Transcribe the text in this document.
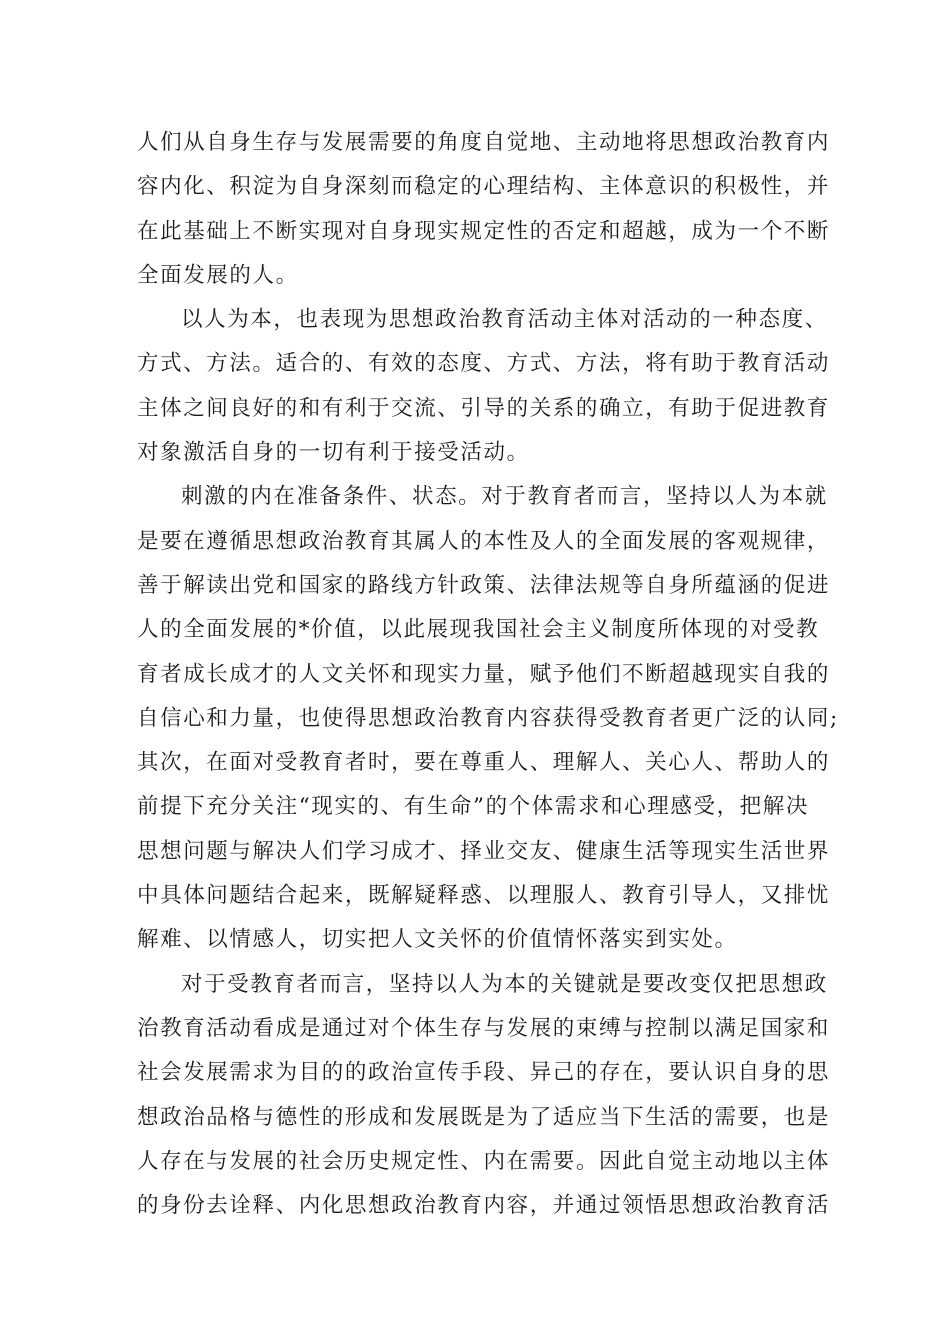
人们从自身生存与发展需要的角度自觉地、主动地将思想政治教育内
容内化、积淀为自身深刻而稳定的心理结构、主体意识的积极性，并
在此基础上不断实现对自身现实规定性的否定和超越，成为一个不断
全面发展的人。
以人为本，也表现为思想政治教育活动主体对活动的一种态度、
方式、方法。适合的、有效的态度、方式、方法，将有助于教育活动
主体之间良好的和有利于交流、引导的关系的确立，有助于促进教育
对象激活自身的一切有利于接受活动。
刺激的内在准备条件、状态。对于教育者而言，坚持以人为本就
是要在遵循思想政治教育其属人的本性及人的全面发展的客观规律，
善于解读出党和国家的路线方针政策、法律法规等自身所蕴涵的促进
人的全面发展的*价值，以此展现我国社会主义制度所体现的对受教
育者成长成才的人文关怀和现实力量，赋予他们不断超越现实自我的
自信心和力量，也使得思想政治教育内容获得受教育者更广泛的认同;
其次，在面对受教育者时，要在尊重人、理解人、关心人、帮助人的
前提下充分关注“现实的、有生命”的个体需求和心理感受，把解决
思想问题与解决人们学习成才、择业交友、健康生活等现实生活世界
中具体问题结合起来，既解疑释惑、以理服人、教育引导人，又排忧
解难、以情感人，切实把人文关怀的价值情怀落实到实处。
对于受教育者而言，坚持以人为本的关键就是要改变仅把思想政
治教育活动看成是通过对个体生存与发展的束缚与控制以满足国家和
社会发展需求为目的的政治宣传手段、异己的存在，要认识自身的思
想政治品格与德性的形成和发展既是为了适应当下生活的需要，也是
人存在与发展的社会历史规定性、内在需要。因此自觉主动地以主体
的身份去诠释、内化思想政治教育内容，并通过领悟思想政治教育活
